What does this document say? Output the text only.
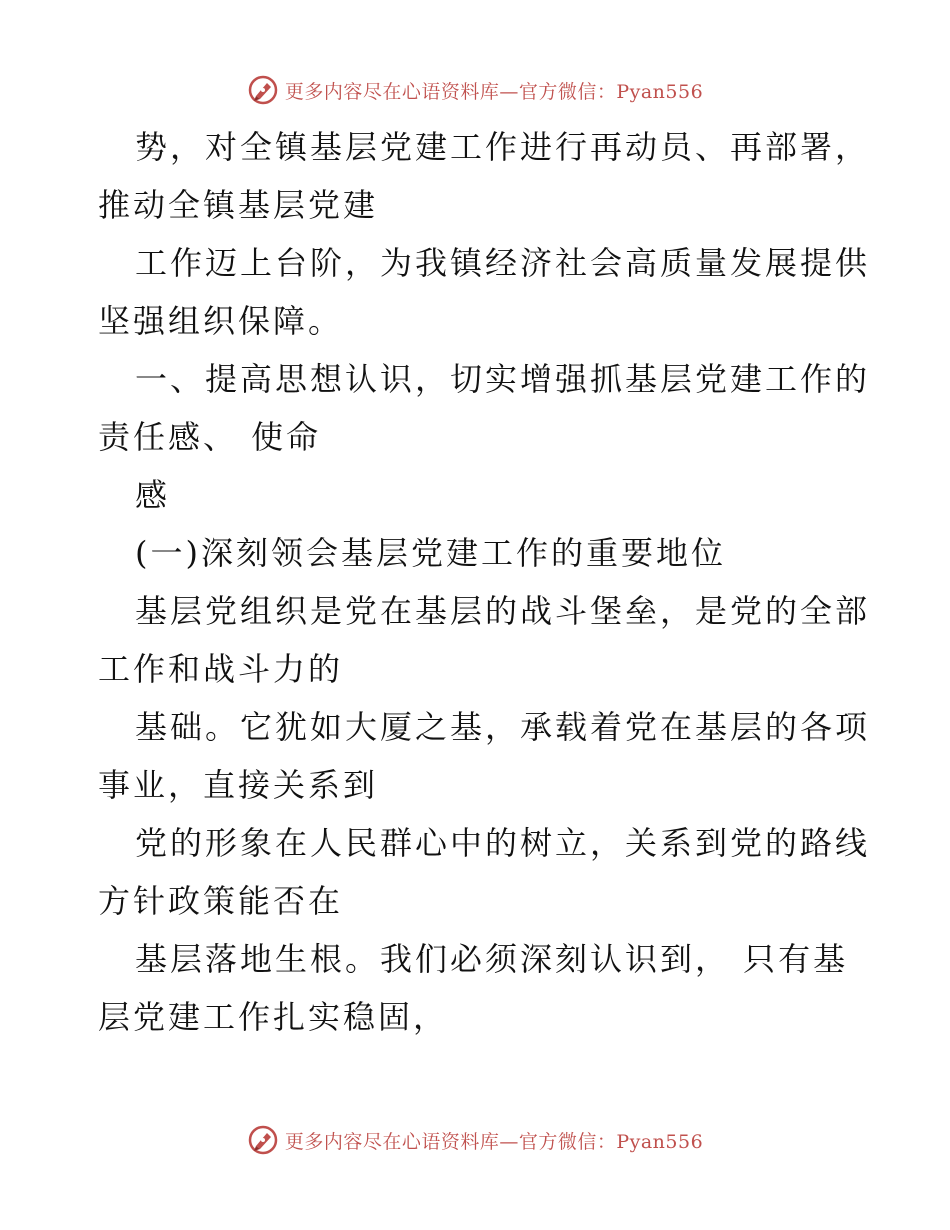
更多内容尽在心语资料库—官方微信：Pyan556
势，对全镇基层党建工作进行再动员、再部署，
推动全镇基层党建
工作迈上台阶，为我镇经济社会高质量发展提供
坚强组织保障。
一、提高思想认识，切实增强抓基层党建工作的
责任感、 使命
感
(一)深刻领会基层党建工作的重要地位
基层党组织是党在基层的战斗堡垒，是党的全部
工作和战斗力的
基础。它犹如大厦之基，承载着党在基层的各项
事业，直接关系到
党的形象在人民群心中的树立，关系到党的路线
方针政策能否在
基层落地生根。我们必须深刻认识到， 只有基
层党建工作扎实稳固，
更多内容尽在心语资料库—官方微信：Pyan556
